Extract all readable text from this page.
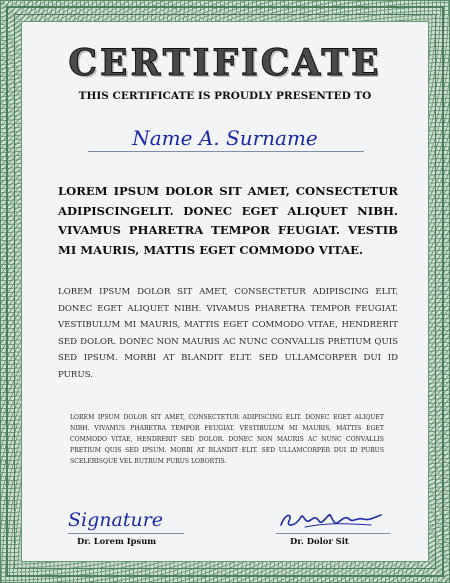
CERTIFICATE
THIS CERTIFICATE IS PROUDLY PRESENTED TO
Name A. Surname
LOREM IPSUM DOLOR SIT AMET, CONSECTETUR ADIPISCINGELIT. DONEC EGET ALIQUET NIBH. VIVAMUS PHARETRA TEMPOR FEUGIAT. VESTIB MI MAURIS, MATTIS EGET COMMODO VITAE.
LOREM IPSUM DOLOR SIT AMET, CONSECTETUR ADIPISCING ELIT. DONEC EGET ALIQUET NIBH. VIVAMUS PHARETRA TEMPOR FEUGIAT. VESTIBULUM MI MAURIS, MATTIS EGET COMMODO VITAE, HENDRERIT SED DOLOR. DONEC NON MAURIS AC NUNC CONVALLIS PRETIUM QUIS SED IPSUM. MORBI AT BLANDIT ELIT. SED ULLAMCORPER DUI ID PURUS.
LOREM IPSUM DOLOR SIT AMET, CONSECTETUR ADIPISCING ELIT. DONEC EGET ALIQUET NIBH. VIVAMUS PHARETRA TEMPOR FEUGIAT. VESTIBULUM MI MAURIS, MATTIS EGET COMMODO VITAE, HENDRERIT SED DOLOR. DONEC NON MAURIS AC NUNC CONVALLIS PRETIUM QUIS SED IPSUM. MORBI AT BLANDIT ELIT. SED ULLAMCORPER DUI ID PURUS SCELERISQUE VEL RUTRUM PURUS LOBORTIS.
Signature
Dr. Lorem Ipsum	Dr. Dolor Sit
